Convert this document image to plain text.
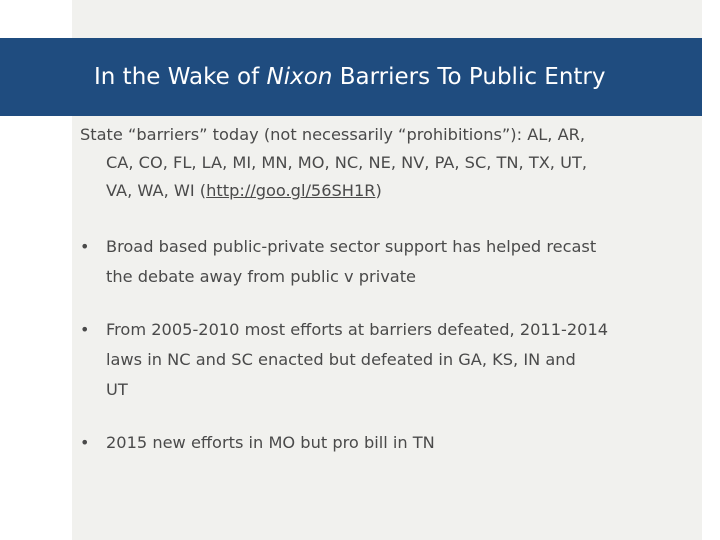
In the Wake of Nixon Barriers To Public Entry
State “barriers” today (not necessarily “prohibitions”): AL, AR,
CA, CO, FL, LA, MI, MN, MO, NC, NE, NV, PA, SC, TN, TX, UT,
VA, WA, WI (http://goo.gl/56SH1R)
•	Broad based public-private sector support has helped recast
the debate away from public v private
•	From 2005-2010 most efforts at barriers defeated, 2011-2014
laws in NC and SC enacted but defeated in GA, KS, IN and
UT
•	2015 new efforts in MO but pro bill in TN
